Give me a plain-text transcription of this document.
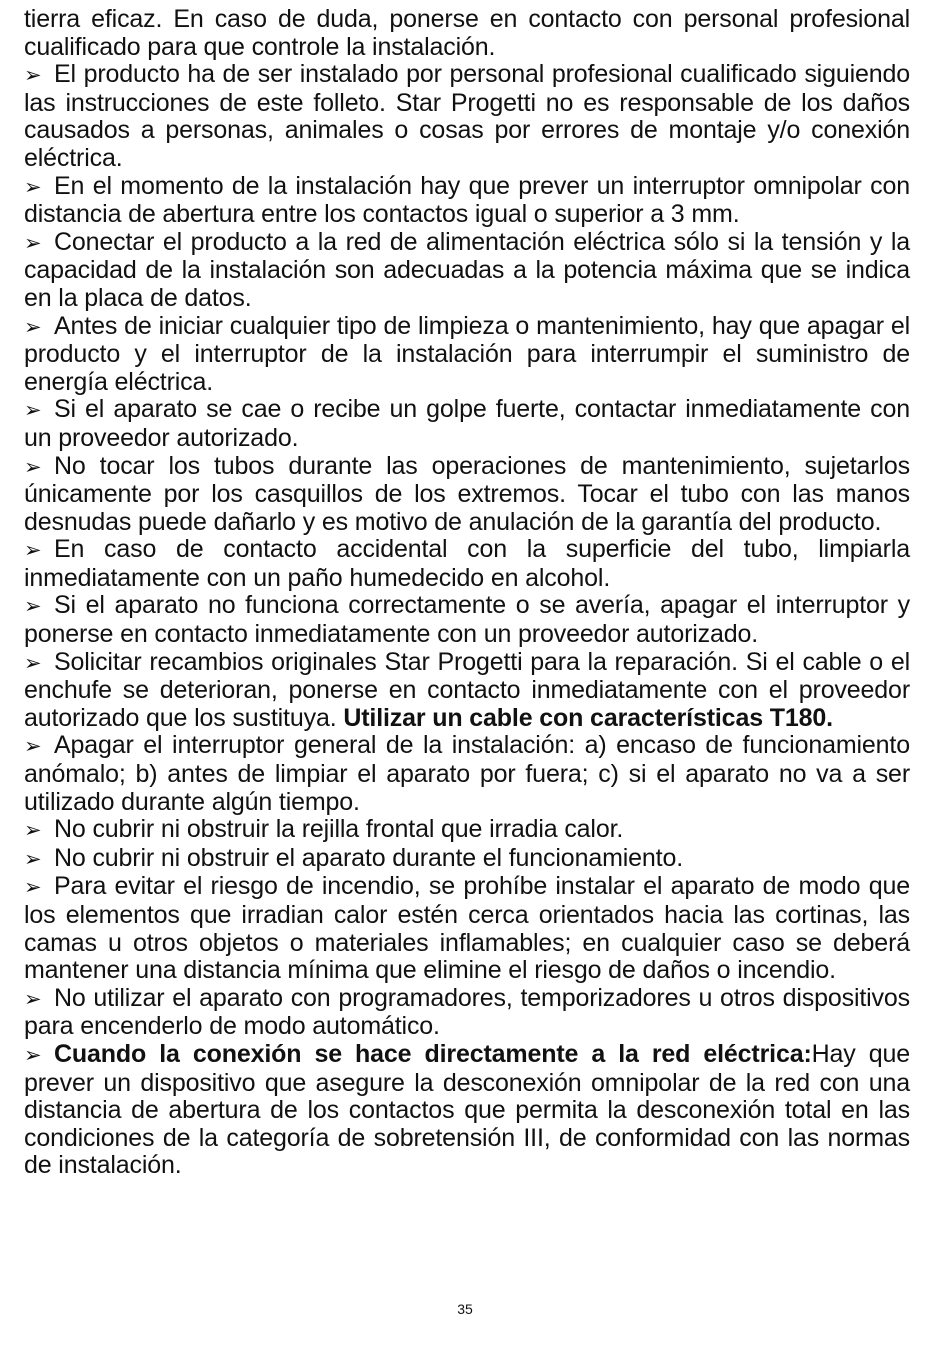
tierra eficaz. En caso de duda, ponerse en contacto con personal profesional cualificado para que controle la instalación.

➢ El producto ha de ser instalado por personal profesional cualificado siguiendo las instrucciones de este folleto. Star Progetti no es responsable de los daños causados a personas, animales o cosas por errores de montaje y/o conexión eléctrica.

➢ En el momento de la instalación hay que prever un interruptor omnipolar con distancia de abertura entre los contactos igual o superior a 3 mm.

➢ Conectar el producto a la red de alimentación eléctrica sólo si la tensión y la capacidad de la instalación son adecuadas a la potencia máxima que se indica en la placa de datos.

➢ Antes de iniciar cualquier tipo de limpieza o mantenimiento, hay que apagar el producto y el interruptor de la instalación para interrumpir el suministro de energía eléctrica.

➢ Si el aparato se cae o recibe un golpe fuerte, contactar inmediatamente con un proveedor autorizado.

➢ No tocar los tubos durante las operaciones de mantenimiento, sujetarlos únicamente por los casquillos de los extremos. Tocar el tubo con las manos desnudas puede dañarlo y es motivo de anulación de la garantía del producto.

➢ En caso de contacto accidental con la superficie del tubo, limpiarla inmediatamente con un paño humedecido en alcohol.

➢ Si el aparato no funciona correctamente o se avería, apagar el interruptor y ponerse en contacto inmediatamente con un proveedor autorizado.

➢ Solicitar recambios originales Star Progetti para la reparación. Si el cable o el enchufe se deterioran, ponerse en contacto inmediatamente con el proveedor autorizado que los sustituya. Utilizar un cable con características T180.

➢ Apagar el interruptor general de la instalación: a) encaso de funcionamiento anómalo; b) antes de limpiar el aparato por fuera; c) si el aparato no va a ser utilizado durante algún tiempo.

➢ No cubrir ni obstruir la rejilla frontal que irradia calor.

➢ No cubrir ni obstruir el aparato durante el funcionamiento.

➢ Para evitar el riesgo de incendio, se prohíbe instalar el aparato de modo que los elementos que irradian calor estén cerca orientados hacia las cortinas, las camas u otros objetos o materiales inflamables; en cualquier caso se deberá mantener una distancia mínima que elimine el riesgo de daños o incendio.

➢ No utilizar el aparato con programadores, temporizadores u otros dispositivos para encenderlo de modo automático.

➢ Cuando la conexión se hace directamente a la red eléctrica:Hay que prever un dispositivo que asegure la desconexión omnipolar de la red con una distancia de abertura de los contactos que permita la desconexión total en las condiciones de la categoría de sobretensión III, de conformidad con las normas de instalación.

35
